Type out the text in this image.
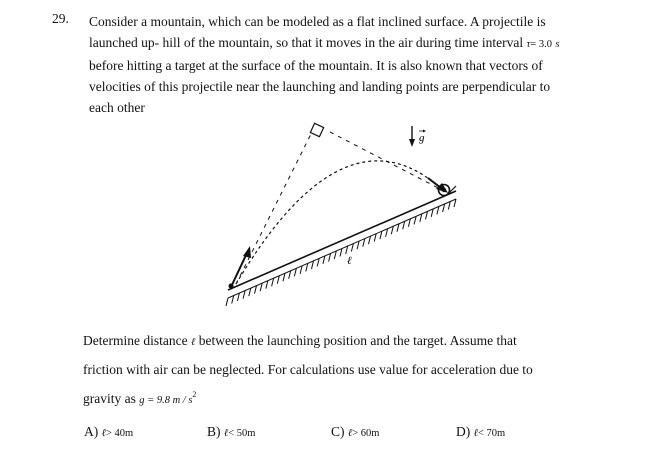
29. Consider a mountain, which can be modeled as a flat inclined surface. A projectile is
launched up- hill of the mountain, so that it moves in the air during time interval τ= 3.0 s
before hitting a target at the surface of the mountain. It is also known that vectors of
velocities of this projectile near the launching and landing points are perpendicular to
each other
g
ℓ
Determine distance ℓ between the launching position and the target. Assume that
friction with air can be neglected. For calculations use value for acceleration due to
gravity as g = 9.8 m / $s^2$
A) ℓ> 40m	B) ℓ< 50m	C) ℓ> 60m	D) ℓ< 70m
